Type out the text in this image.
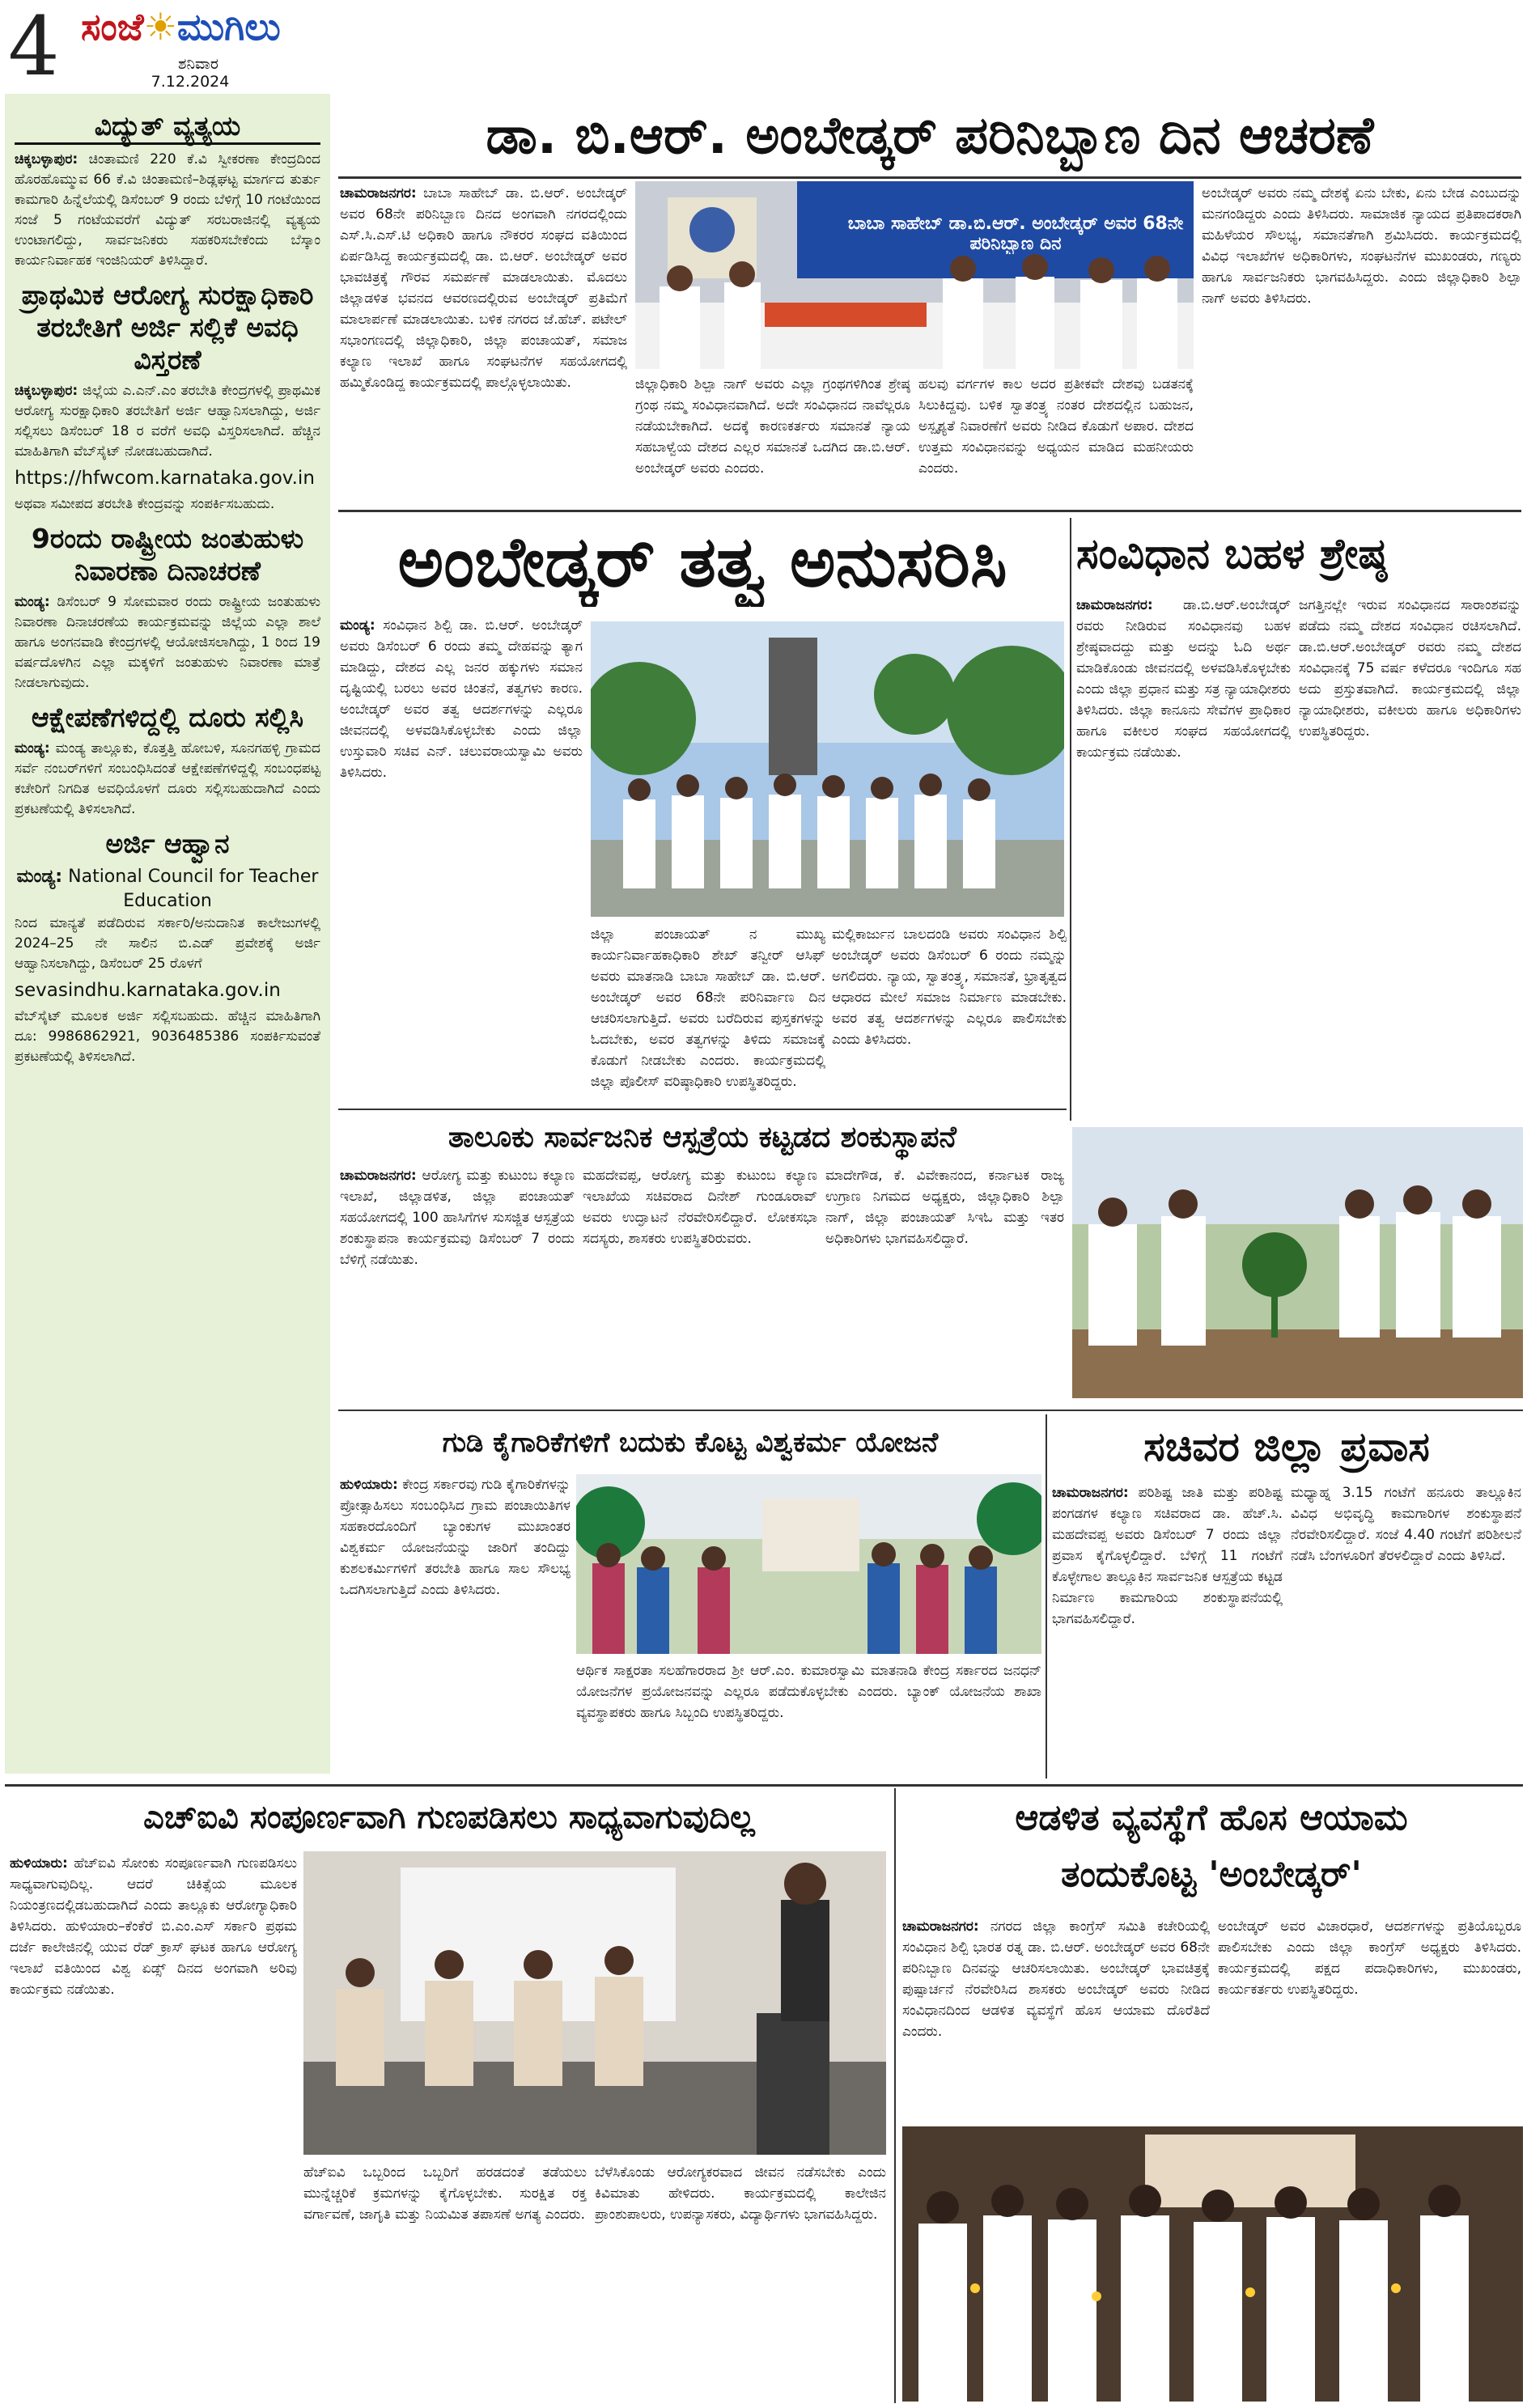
4 ಸಂಜೆ☀ಮುಗಿಲು
ಶನಿವಾರ
7.12.2024
ವಿದ್ಯುತ್ ವ್ಯತ್ಯಯ
ಚಿಕ್ಕಬಳ್ಳಾಪುರ: ಚಿಂತಾಮಣಿ 220 ಕೆ.ವಿ ಸ್ವೀಕರಣಾ ಕೇಂದ್ರದಿಂದ ಹೊರಹೊಮ್ಮುವ 66 ಕೆ.ವಿ ಚಿಂತಾಮಣಿ–ಶಿಡ್ಲಘಟ್ಟ ಮಾರ್ಗದ ತುರ್ತು ಕಾಮಗಾರಿ ಹಿನ್ನೆಲೆಯಲ್ಲಿ ಡಿಸೆಂಬರ್ 9 ರಂದು ಬೆಳಿಗ್ಗೆ 10 ಗಂಟೆಯಿಂದ ಸಂಜೆ 5 ಗಂಟೆಯವರೆಗೆ ವಿದ್ಯುತ್ ಸರಬರಾಜಿನಲ್ಲಿ ವ್ಯತ್ಯಯ ಉಂಟಾಗಲಿದ್ದು, ಸಾರ್ವಜನಿಕರು ಸಹಕರಿಸಬೇಕೆಂದು ಬೆಸ್ಕಾಂ ಕಾರ್ಯನಿರ್ವಾಹಕ ಇಂಜಿನಿಯರ್ ತಿಳಿಸಿದ್ದಾರೆ.
ಪ್ರಾಥಮಿಕ ಆರೋಗ್ಯ ಸುರಕ್ಷಾಧಿಕಾರಿ ತರಬೇತಿಗೆ ಅರ್ಜಿ ಸಲ್ಲಿಕೆ ಅವಧಿ ವಿಸ್ತರಣೆ
ಚಿಕ್ಕಬಳ್ಳಾಪುರ: ಜಿಲ್ಲೆಯ ಎ.ಎನ್.ಎಂ ತರಬೇತಿ ಕೇಂದ್ರಗಳಲ್ಲಿ ಪ್ರಾಥಮಿಕ ಆರೋಗ್ಯ ಸುರಕ್ಷಾಧಿಕಾರಿ ತರಬೇತಿಗೆ ಅರ್ಜಿ ಆಹ್ವಾನಿಸಲಾಗಿದ್ದು, ಅರ್ಜಿ ಸಲ್ಲಿಸಲು ಡಿಸೆಂಬರ್ 18 ರ ವರೆಗೆ ಅವಧಿ ವಿಸ್ತರಿಸಲಾಗಿದೆ. ಹೆಚ್ಚಿನ ಮಾಹಿತಿಗಾಗಿ ವೆಬ್‌ಸೈಟ್ ನೋಡಬಹುದಾಗಿದೆ.
https://hfwcom.karnataka.gov.in
ಅಥವಾ ಸಮೀಪದ ತರಬೇತಿ ಕೇಂದ್ರವನ್ನು ಸಂಪರ್ಕಿಸಬಹುದು.
9ರಂದು ರಾಷ್ಟ್ರೀಯ ಜಂತುಹುಳು ನಿವಾರಣಾ ದಿನಾಚರಣೆ
ಮಂಡ್ಯ: ಡಿಸೆಂಬರ್ 9 ಸೋಮವಾರ ರಂದು ರಾಷ್ಟ್ರೀಯ ಜಂತುಹುಳು ನಿವಾರಣಾ ದಿನಾಚರಣೆಯ ಕಾರ್ಯಕ್ರಮವನ್ನು ಜಿಲ್ಲೆಯ ಎಲ್ಲಾ ಶಾಲೆ ಹಾಗೂ ಅಂಗನವಾಡಿ ಕೇಂದ್ರಗಳಲ್ಲಿ ಆಯೋಜಿಸಲಾಗಿದ್ದು, 1 ರಿಂದ 19 ವರ್ಷದೊಳಗಿನ ಎಲ್ಲಾ ಮಕ್ಕಳಿಗೆ ಜಂತುಹುಳು ನಿವಾರಣಾ ಮಾತ್ರೆ ನೀಡಲಾಗುವುದು.
ಆಕ್ಷೇಪಣೆಗಳಿದ್ದಲ್ಲಿ ದೂರು ಸಲ್ಲಿಸಿ
ಮಂಡ್ಯ: ಮಂಡ್ಯ ತಾಲ್ಲೂಕು, ಕೊತ್ತತ್ತಿ ಹೋಬಳಿ, ಸೂನಗಹಳ್ಳಿ ಗ್ರಾಮದ ಸರ್ವೆ ನಂಬರ್‌ಗಳಿಗೆ ಸಂಬಂಧಿಸಿದಂತೆ ಆಕ್ಷೇಪಣೆಗಳಿದ್ದಲ್ಲಿ ಸಂಬಂಧಪಟ್ಟ ಕಚೇರಿಗೆ ನಿಗದಿತ ಅವಧಿಯೊಳಗೆ ದೂರು ಸಲ್ಲಿಸಬಹುದಾಗಿದೆ ಎಂದು ಪ್ರಕಟಣೆಯಲ್ಲಿ ತಿಳಿಸಲಾಗಿದೆ.
ಅರ್ಜಿ ಆಹ್ವಾನ
ಮಂಡ್ಯ: National Council for Teacher Education
ನಿಂದ ಮಾನ್ಯತೆ ಪಡೆದಿರುವ ಸರ್ಕಾರಿ/ಅನುದಾನಿತ ಕಾಲೇಜುಗಳಲ್ಲಿ 2024–25 ನೇ ಸಾಲಿನ ಬಿ.ಎಡ್ ಪ್ರವೇಶಕ್ಕೆ ಅರ್ಜಿ ಆಹ್ವಾನಿಸಲಾಗಿದ್ದು, ಡಿಸೆಂಬರ್ 25 ರೊಳಗೆ
sevasindhu.karnataka.gov.in
ವೆಬ್‌ಸೈಟ್ ಮೂಲಕ ಅರ್ಜಿ ಸಲ್ಲಿಸಬಹುದು. ಹೆಚ್ಚಿನ ಮಾಹಿತಿಗಾಗಿ ದೂ: 9986862921, 9036485386 ಸಂಪರ್ಕಿಸುವಂತೆ ಪ್ರಕಟಣೆಯಲ್ಲಿ ತಿಳಿಸಲಾಗಿದೆ.
ಡಾ. ಬಿ.ಆರ್. ಅಂಬೇಡ್ಕರ್ ಪರಿನಿಬ್ಬಾಣ ದಿನ ಆಚರಣೆ
ಚಾಮರಾಜನಗರ: ಬಾಬಾ ಸಾಹೇಬ್ ಡಾ. ಬಿ.ಆರ್. ಅಂಬೇಡ್ಕರ್ ಅವರ 68ನೇ ಪರಿನಿಬ್ಬಾಣ ದಿನದ ಅಂಗವಾಗಿ ನಗರದಲ್ಲಿಂದು ಎಸ್.ಸಿ.ಎಸ್.ಟಿ ಅಧಿಕಾರಿ ಹಾಗೂ ನೌಕರರ ಸಂಘದ ವತಿಯಿಂದ ಏರ್ಪಡಿಸಿದ್ದ ಕಾರ್ಯಕ್ರಮದಲ್ಲಿ ಡಾ. ಬಿ.ಆರ್. ಅಂಬೇಡ್ಕರ್ ಅವರ ಭಾವಚಿತ್ರಕ್ಕೆ ಗೌರವ ಸಮರ್ಪಣೆ ಮಾಡಲಾಯಿತು. ಮೊದಲು ಜಿಲ್ಲಾಡಳಿತ ಭವನದ ಆವರಣದಲ್ಲಿರುವ ಅಂಬೇಡ್ಕರ್ ಪ್ರತಿಮೆಗೆ ಮಾಲಾರ್ಪಣೆ ಮಾಡಲಾಯಿತು. ಬಳಿಕ ನಗರದ ಜೆ.ಹೆಚ್. ಪಟೇಲ್ ಸಭಾಂಗಣದಲ್ಲಿ ಜಿಲ್ಲಾಧಿಕಾರಿ, ಜಿಲ್ಲಾ ಪಂಚಾಯತ್, ಸಮಾಜ ಕಲ್ಯಾಣ ಇಲಾಖೆ ಹಾಗೂ ಸಂಘಟನೆಗಳ ಸಹಯೋಗದಲ್ಲಿ ಹಮ್ಮಿಕೊಂಡಿದ್ದ ಕಾರ್ಯಕ್ರಮದಲ್ಲಿ ಪಾಲ್ಗೊಳ್ಳಲಾಯಿತು.
ಬಾಬಾ ಸಾಹೇಬ್ ಡಾ.ಬಿ.ಆರ್. ಅಂಬೇಡ್ಕರ್ ಅವರ 68ನೇ ಪರಿನಿಬ್ಬಾಣ ದಿನ
ಜಿಲ್ಲಾಧಿಕಾರಿ ಶಿಲ್ಪಾ ನಾಗ್ ಅವರು ಎಲ್ಲಾ ಗ್ರಂಥಗಳಿಗಿಂತ ಶ್ರೇಷ್ಠ ಗ್ರಂಥ ನಮ್ಮ ಸಂವಿಧಾನವಾಗಿದೆ. ಅದೇ ಸಂವಿಧಾನದ ನಾವೆಲ್ಲರೂ ನಡೆಯಬೇಕಾಗಿದೆ. ಅದಕ್ಕೆ ಕಾರಣಕರ್ತರು ಸಮಾನತೆ ನ್ಯಾಯ ಸಹಬಾಳ್ವೆಯ ದೇಶದ ಎಲ್ಲರ ಸಮಾನತೆ ಒದಗಿದ ಡಾ.ಬಿ.ಆರ್. ಅಂಬೇಡ್ಕರ್ ಅವರು ಎಂದರು.
ಹಲವು ವರ್ಗಗಳ ಕಾಲ ಅದರ ಪ್ರತೀಕವೇ ದೇಶವು ಬಡತನಕ್ಕೆ ಸಿಲುಕಿದ್ದವು. ಬಳಿಕ ಸ್ವಾತಂತ್ರ್ಯ ನಂತರ ದೇಶದಲ್ಲಿನ ಬಹುಜನ, ಅಸ್ಪೃಶ್ಯತೆ ನಿವಾರಣೆಗೆ ಅವರು ನೀಡಿದ ಕೊಡುಗೆ ಅಪಾರ. ದೇಶದ ಉತ್ತಮ ಸಂವಿಧಾನವನ್ನು ಅಧ್ಯಯನ ಮಾಡಿದ ಮಹನೀಯರು ಎಂದರು.
ಅಂಬೇಡ್ಕರ್ ಅವರು ನಮ್ಮ ದೇಶಕ್ಕೆ ಏನು ಬೇಕು, ಏನು ಬೇಡ ಎಂಬುದನ್ನು ಮನಗಂಡಿದ್ದರು ಎಂದು ತಿಳಿಸಿದರು. ಸಾಮಾಜಿಕ ನ್ಯಾಯದ ಪ್ರತಿಪಾದಕರಾಗಿ ಮಹಿಳೆಯರ ಸೌಲಭ್ಯ, ಸಮಾನತೆಗಾಗಿ ಶ್ರಮಿಸಿದರು. ಕಾರ್ಯಕ್ರಮದಲ್ಲಿ ವಿವಿಧ ಇಲಾಖೆಗಳ ಅಧಿಕಾರಿಗಳು, ಸಂಘಟನೆಗಳ ಮುಖಂಡರು, ಗಣ್ಯರು ಹಾಗೂ ಸಾರ್ವಜನಿಕರು ಭಾಗವಹಿಸಿದ್ದರು. ಎಂದು ಜಿಲ್ಲಾಧಿಕಾರಿ ಶಿಲ್ಪಾ ನಾಗ್ ಅವರು ತಿಳಿಸಿದರು.
ಅಂಬೇಡ್ಕರ್ ತತ್ವ ಅನುಸರಿಸಿ
ಮಂಡ್ಯ: ಸಂವಿಧಾನ ಶಿಲ್ಪಿ ಡಾ. ಬಿ.ಆರ್. ಅಂಬೇಡ್ಕರ್ ಅವರು ಡಿಸೆಂಬರ್ 6 ರಂದು ತಮ್ಮ ದೇಹವನ್ನು ತ್ಯಾಗ ಮಾಡಿದ್ದು, ದೇಶದ ಎಲ್ಲ ಜನರ ಹಕ್ಕುಗಳು ಸಮಾನ ದೃಷ್ಟಿಯಲ್ಲಿ ಬರಲು ಅವರ ಚಿಂತನೆ, ತತ್ವಗಳು ಕಾರಣ. ಅಂಬೇಡ್ಕರ್ ಅವರ ತತ್ವ ಆದರ್ಶಗಳನ್ನು ಎಲ್ಲರೂ ಜೀವನದಲ್ಲಿ ಅಳವಡಿಸಿಕೊಳ್ಳಬೇಕು ಎಂದು ಜಿಲ್ಲಾ ಉಸ್ತುವಾರಿ ಸಚಿವ ಎನ್. ಚಲುವರಾಯಸ್ವಾಮಿ ಅವರು ತಿಳಿಸಿದರು.
ಜಿಲ್ಲಾ ಪಂಚಾಯತ್ ನ ಮುಖ್ಯ ಕಾರ್ಯನಿರ್ವಾಹಕಾಧಿಕಾರಿ ಶೇಖ್ ತನ್ವೀರ್ ಆಸಿಫ್ ಅವರು ಮಾತನಾಡಿ ಬಾಬಾ ಸಾಹೇಬ್ ಡಾ. ಬಿ.ಆರ್. ಅಂಬೇಡ್ಕರ್ ಅವರ 68ನೇ ಪರಿನಿರ್ವಾಣ ದಿನ ಆಚರಿಸಲಾಗುತ್ತಿದೆ. ಅವರು ಬರೆದಿರುವ ಪುಸ್ತಕಗಳನ್ನು ಓದಬೇಕು, ಅವರ ತತ್ವಗಳನ್ನು ತಿಳಿದು ಸಮಾಜಕ್ಕೆ ಕೊಡುಗೆ ನೀಡಬೇಕು ಎಂದರು. ಕಾರ್ಯಕ್ರಮದಲ್ಲಿ ಜಿಲ್ಲಾ ಪೊಲೀಸ್ ವರಿಷ್ಠಾಧಿಕಾರಿ ಉಪಸ್ಥಿತರಿದ್ದರು.
ಮಲ್ಲಿಕಾರ್ಜುನ ಬಾಲದಂಡಿ ಅವರು ಸಂವಿಧಾನ ಶಿಲ್ಪಿ ಅಂಬೇಡ್ಕರ್ ಅವರು ಡಿಸೆಂಬರ್ 6 ರಂದು ನಮ್ಮನ್ನು ಅಗಲಿದರು. ನ್ಯಾಯ, ಸ್ವಾತಂತ್ರ್ಯ, ಸಮಾನತೆ, ಭ್ರಾತೃತ್ವದ ಆಧಾರದ ಮೇಲೆ ಸಮಾಜ ನಿರ್ಮಾಣ ಮಾಡಬೇಕು. ಅವರ ತತ್ವ ಆದರ್ಶಗಳನ್ನು ಎಲ್ಲರೂ ಪಾಲಿಸಬೇಕು ಎಂದು ತಿಳಿಸಿದರು.
ಸಂವಿಧಾನ ಬಹಳ ಶ್ರೇಷ್ಠ
ಚಾಮರಾಜನಗರ: ಡಾ.ಬಿ.ಆರ್.ಅಂಬೇಡ್ಕರ್ ರವರು ನೀಡಿರುವ ಸಂವಿಧಾನವು ಬಹಳ ಶ್ರೇಷ್ಠವಾದದ್ದು ಮತ್ತು ಅದನ್ನು ಓದಿ ಅರ್ಥ ಮಾಡಿಕೊಂಡು ಜೀವನದಲ್ಲಿ ಅಳವಡಿಸಿಕೊಳ್ಳಬೇಕು ಎಂದು ಜಿಲ್ಲಾ ಪ್ರಧಾನ ಮತ್ತು ಸತ್ರ ನ್ಯಾಯಾಧೀಶರು ತಿಳಿಸಿದರು. ಜಿಲ್ಲಾ ಕಾನೂನು ಸೇವೆಗಳ ಪ್ರಾಧಿಕಾರ ಹಾಗೂ ವಕೀಲರ ಸಂಘದ ಸಹಯೋಗದಲ್ಲಿ ಕಾರ್ಯಕ್ರಮ ನಡೆಯಿತು.
ಜಗತ್ತಿನಲ್ಲೇ ಇರುವ ಸಂವಿಧಾನದ ಸಾರಾಂಶವನ್ನು ಪಡೆದು ನಮ್ಮ ದೇಶದ ಸಂವಿಧಾನ ರಚಿಸಲಾಗಿದೆ. ಡಾ.ಬಿ.ಆರ್.ಅಂಬೇಡ್ಕರ್ ರವರು ನಮ್ಮ ದೇಶದ ಸಂವಿಧಾನಕ್ಕೆ 75 ವರ್ಷ ಕಳೆದರೂ ಇಂದಿಗೂ ಸಹ ಅದು ಪ್ರಸ್ತುತವಾಗಿದೆ. ಕಾರ್ಯಕ್ರಮದಲ್ಲಿ ಜಿಲ್ಲಾ ನ್ಯಾಯಾಧೀಶರು, ವಕೀಲರು ಹಾಗೂ ಅಧಿಕಾರಿಗಳು ಉಪಸ್ಥಿತರಿದ್ದರು.
ತಾಲೂಕು ಸಾರ್ವಜನಿಕ ಆಸ್ಪತ್ರೆಯ ಕಟ್ಟಡದ ಶಂಕುಸ್ಥಾಪನೆ
ಚಾಮರಾಜನಗರ: ಆರೋಗ್ಯ ಮತ್ತು ಕುಟುಂಬ ಕಲ್ಯಾಣ ಇಲಾಖೆ, ಜಿಲ್ಲಾಡಳಿತ, ಜಿಲ್ಲಾ ಪಂಚಾಯತ್ ಸಹಯೋಗದಲ್ಲಿ 100 ಹಾಸಿಗೆಗಳ ಸುಸಜ್ಜಿತ ಆಸ್ಪತ್ರೆಯ ಶಂಕುಸ್ಥಾಪನಾ ಕಾರ್ಯಕ್ರಮವು ಡಿಸೆಂಬರ್ 7 ರಂದು ಬೆಳಿಗ್ಗೆ ನಡೆಯಿತು.
ಮಹದೇವಪ್ಪ, ಆರೋಗ್ಯ ಮತ್ತು ಕುಟುಂಬ ಕಲ್ಯಾಣ ಇಲಾಖೆಯ ಸಚಿವರಾದ ದಿನೇಶ್ ಗುಂಡೂರಾವ್ ಅವರು ಉದ್ಘಾಟನೆ ನೆರವೇರಿಸಲಿದ್ದಾರೆ. ಲೋಕಸಭಾ ಸದಸ್ಯರು, ಶಾಸಕರು ಉಪಸ್ಥಿತರಿರುವರು.
ಮಾದೇಗೌಡ, ಕೆ. ವಿವೇಕಾನಂದ, ಕರ್ನಾಟಕ ರಾಜ್ಯ ಉಗ್ರಾಣ ನಿಗಮದ ಅಧ್ಯಕ್ಷರು, ಜಿಲ್ಲಾಧಿಕಾರಿ ಶಿಲ್ಪಾ ನಾಗ್, ಜಿಲ್ಲಾ ಪಂಚಾಯತ್ ಸಿಇಓ ಮತ್ತು ಇತರ ಅಧಿಕಾರಿಗಳು ಭಾಗವಹಿಸಲಿದ್ದಾರೆ.
ಗುಡಿ ಕೈಗಾರಿಕೆಗಳಿಗೆ ಬದುಕು ಕೊಟ್ಟ ವಿಶ್ವಕರ್ಮ ಯೋಜನೆ
ಹುಳಿಯಾರು: ಕೇಂದ್ರ ಸರ್ಕಾರವು ಗುಡಿ ಕೈಗಾರಿಕೆಗಳನ್ನು ಪ್ರೋತ್ಸಾಹಿಸಲು ಸಂಬಂಧಿಸಿದ ಗ್ರಾಮ ಪಂಚಾಯಿತಿಗಳ ಸಹಕಾರದೊಂದಿಗೆ ಬ್ಯಾಂಕುಗಳ ಮುಖಾಂತರ ವಿಶ್ವಕರ್ಮ ಯೋಜನೆಯನ್ನು ಜಾರಿಗೆ ತಂದಿದ್ದು ಕುಶಲಕರ್ಮಿಗಳಿಗೆ ತರಬೇತಿ ಹಾಗೂ ಸಾಲ ಸೌಲಭ್ಯ ಒದಗಿಸಲಾಗುತ್ತಿದೆ ಎಂದು ತಿಳಿಸಿದರು.
ಆರ್ಥಿಕ ಸಾಕ್ಷರತಾ ಸಲಹೆಗಾರರಾದ ಶ್ರೀ ಆರ್.ಎಂ. ಕುಮಾರಸ್ವಾಮಿ ಮಾತನಾಡಿ ಕೇಂದ್ರ ಸರ್ಕಾರದ ಜನಧನ್ ಯೋಜನೆಗಳ ಪ್ರಯೋಜನವನ್ನು ಎಲ್ಲರೂ ಪಡೆದುಕೊಳ್ಳಬೇಕು ಎಂದರು. ಬ್ಯಾಂಕ್ ಯೋಜನೆಯ ಶಾಖಾ ವ್ಯವಸ್ಥಾಪಕರು ಹಾಗೂ ಸಿಬ್ಬಂದಿ ಉಪಸ್ಥಿತರಿದ್ದರು.
ಸಚಿವರ ಜಿಲ್ಲಾ ಪ್ರವಾಸ
ಚಾಮರಾಜನಗರ: ಪರಿಶಿಷ್ಟ ಜಾತಿ ಮತ್ತು ಪರಿಶಿಷ್ಟ ಪಂಗಡಗಳ ಕಲ್ಯಾಣ ಸಚಿವರಾದ ಡಾ. ಹೆಚ್.ಸಿ. ಮಹದೇವಪ್ಪ ಅವರು ಡಿಸೆಂಬರ್ 7 ರಂದು ಜಿಲ್ಲಾ ಪ್ರವಾಸ ಕೈಗೊಳ್ಳಲಿದ್ದಾರೆ. ಬೆಳಿಗ್ಗೆ 11 ಗಂಟೆಗೆ ಕೊಳ್ಳೇಗಾಲ ತಾಲ್ಲೂಕಿನ ಸಾರ್ವಜನಿಕ ಆಸ್ಪತ್ರೆಯ ಕಟ್ಟಡ ನಿರ್ಮಾಣ ಕಾಮಗಾರಿಯ ಶಂಕುಸ್ಥಾಪನೆಯಲ್ಲಿ ಭಾಗವಹಿಸಲಿದ್ದಾರೆ.
ಮಧ್ಯಾಹ್ನ 3.15 ಗಂಟೆಗೆ ಹನೂರು ತಾಲ್ಲೂಕಿನ ವಿವಿಧ ಅಭಿವೃದ್ಧಿ ಕಾಮಗಾರಿಗಳ ಶಂಕುಸ್ಥಾಪನೆ ನೆರವೇರಿಸಲಿದ್ದಾರೆ. ಸಂಜೆ 4.40 ಗಂಟೆಗೆ ಪರಿಶೀಲನೆ ನಡೆಸಿ ಬೆಂಗಳೂರಿಗೆ ತೆರಳಲಿದ್ದಾರೆ ಎಂದು ತಿಳಿಸಿದೆ.
ಎಚ್‌ಐವಿ ಸಂಪೂರ್ಣವಾಗಿ ಗುಣಪಡಿಸಲು ಸಾಧ್ಯವಾಗುವುದಿಲ್ಲ
ಹುಳಿಯಾರು: ಹೆಚ್‌ಐವಿ ಸೋಂಕು ಸಂಪೂರ್ಣವಾಗಿ ಗುಣಪಡಿಸಲು ಸಾಧ್ಯವಾಗುವುದಿಲ್ಲ. ಆದರೆ ಚಿಕಿತ್ಸೆಯ ಮೂಲಕ ನಿಯಂತ್ರಣದಲ್ಲಿಡಬಹುದಾಗಿದೆ ಎಂದು ತಾಲ್ಲೂಕು ಆರೋಗ್ಯಾಧಿಕಾರಿ ತಿಳಿಸಿದರು. ಹುಳಿಯಾರು–ಕೆಂಕೆರೆ ಬಿ.ಎಂ.ಎಸ್ ಸರ್ಕಾರಿ ಪ್ರಥಮ ದರ್ಜೆ ಕಾಲೇಜಿನಲ್ಲಿ ಯುವ ರೆಡ್ ಕ್ರಾಸ್ ಘಟಕ ಹಾಗೂ ಆರೋಗ್ಯ ಇಲಾಖೆ ವತಿಯಿಂದ ವಿಶ್ವ ಏಡ್ಸ್ ದಿನದ ಅಂಗವಾಗಿ ಅರಿವು ಕಾರ್ಯಕ್ರಮ ನಡೆಯಿತು.
ಹೆಚ್‌ಐವಿ ಒಬ್ಬರಿಂದ ಒಬ್ಬರಿಗೆ ಹರಡದಂತೆ ತಡೆಯಲು ಮುನ್ನೆಚ್ಚರಿಕೆ ಕ್ರಮಗಳನ್ನು ಕೈಗೊಳ್ಳಬೇಕು. ಸುರಕ್ಷಿತ ರಕ್ತ ವರ್ಗಾವಣೆ, ಜಾಗೃತಿ ಮತ್ತು ನಿಯಮಿತ ತಪಾಸಣೆ ಅಗತ್ಯ ಎಂದರು.
ಬೆಳೆಸಿಕೊಂಡು ಆರೋಗ್ಯಕರವಾದ ಜೀವನ ನಡೆಸಬೇಕು ಎಂದು ಕಿವಿಮಾತು ಹೇಳಿದರು. ಕಾರ್ಯಕ್ರಮದಲ್ಲಿ ಕಾಲೇಜಿನ ಪ್ರಾಂಶುಪಾಲರು, ಉಪನ್ಯಾಸಕರು, ವಿದ್ಯಾರ್ಥಿಗಳು ಭಾಗವಹಿಸಿದ್ದರು.
ಆಡಳಿತ ವ್ಯವಸ್ಥೆಗೆ ಹೊಸ ಆಯಾಮ
ತಂದುಕೊಟ್ಟ 'ಅಂಬೇಡ್ಕರ್'
ಚಾಮರಾಜನಗರ: ನಗರದ ಜಿಲ್ಲಾ ಕಾಂಗ್ರೆಸ್ ಸಮಿತಿ ಕಚೇರಿಯಲ್ಲಿ ಸಂವಿಧಾನ ಶಿಲ್ಪಿ ಭಾರತ ರತ್ನ ಡಾ. ಬಿ.ಆರ್. ಅಂಬೇಡ್ಕರ್ ಅವರ 68ನೇ ಪರಿನಿಬ್ಬಾಣ ದಿನವನ್ನು ಆಚರಿಸಲಾಯಿತು. ಅಂಬೇಡ್ಕರ್ ಭಾವಚಿತ್ರಕ್ಕೆ ಪುಷ್ಪಾರ್ಚನೆ ನೆರವೇರಿಸಿದ ಶಾಸಕರು ಅಂಬೇಡ್ಕರ್ ಅವರು ನೀಡಿದ ಸಂವಿಧಾನದಿಂದ ಆಡಳಿತ ವ್ಯವಸ್ಥೆಗೆ ಹೊಸ ಆಯಾಮ ದೊರೆತಿದೆ ಎಂದರು.
ಅಂಬೇಡ್ಕರ್ ಅವರ ವಿಚಾರಧಾರೆ, ಆದರ್ಶಗಳನ್ನು ಪ್ರತಿಯೊಬ್ಬರೂ ಪಾಲಿಸಬೇಕು ಎಂದು ಜಿಲ್ಲಾ ಕಾಂಗ್ರೆಸ್ ಅಧ್ಯಕ್ಷರು ತಿಳಿಸಿದರು. ಕಾರ್ಯಕ್ರಮದಲ್ಲಿ ಪಕ್ಷದ ಪದಾಧಿಕಾರಿಗಳು, ಮುಖಂಡರು, ಕಾರ್ಯಕರ್ತರು ಉಪಸ್ಥಿತರಿದ್ದರು.
